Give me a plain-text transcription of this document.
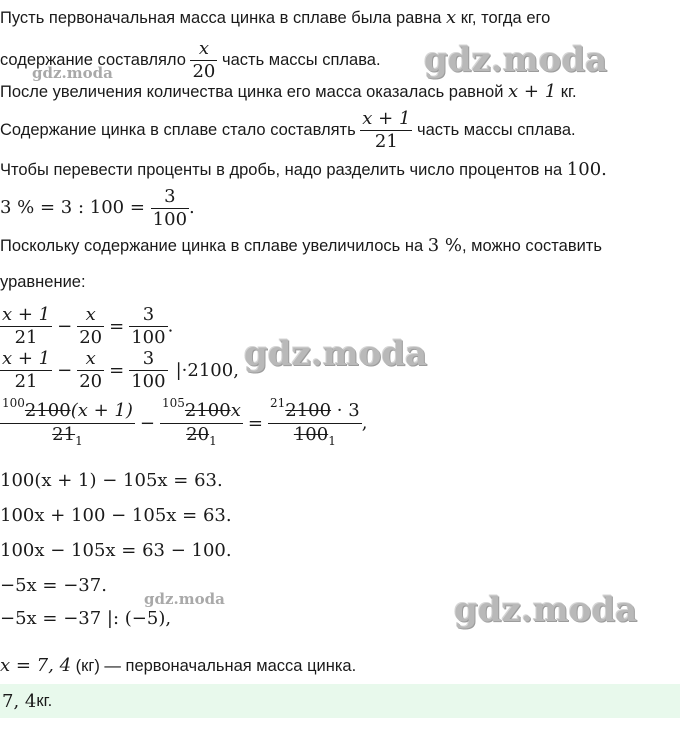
Пусть первоначальная масса цинка в сплаве была равна x кг, тогда его
содержание составляло $\frac{x}{20}$ часть массы сплава.
После увеличения количества цинка его масса оказалась равной x + 1 кг.
Содержание цинка в сплаве стало составлять $\frac{x + 1}{21}$ часть массы сплава.
Чтобы перевести проценты в дробь, надо разделить число процентов на 100.
3 % = 3 : $100 = \frac{3}{100}$ .
Поскольку содержание цинка в сплаве увеличилось на 3 %, можно составить
уравнение:
$\frac{x + 1}{21} - \frac{x}{20} = \frac{3}{100}$ .
$\frac{x + 1}{21} - \frac{x}{20} = \frac{3}{100} |\cdot 2100$,
$\frac{^{100}2100(x + 1)}{21_1} - \frac{^{105}2100x}{20_1} = \frac{^{21}2100 \cdot 3}{100_1}$ ,
100(x + 1) − 105x = 63.
100x + 100 − 105x = 63.
100x − 105x = 63 − 100.
−5x = −37.
−5x = −37 |: (−5),
x = 7, 4 (кг) — первоначальная масса цинка.
7, 4 кг.
gdz.moda
gdz.moda
gdz.moda
gdz.moda	gdz.moda
